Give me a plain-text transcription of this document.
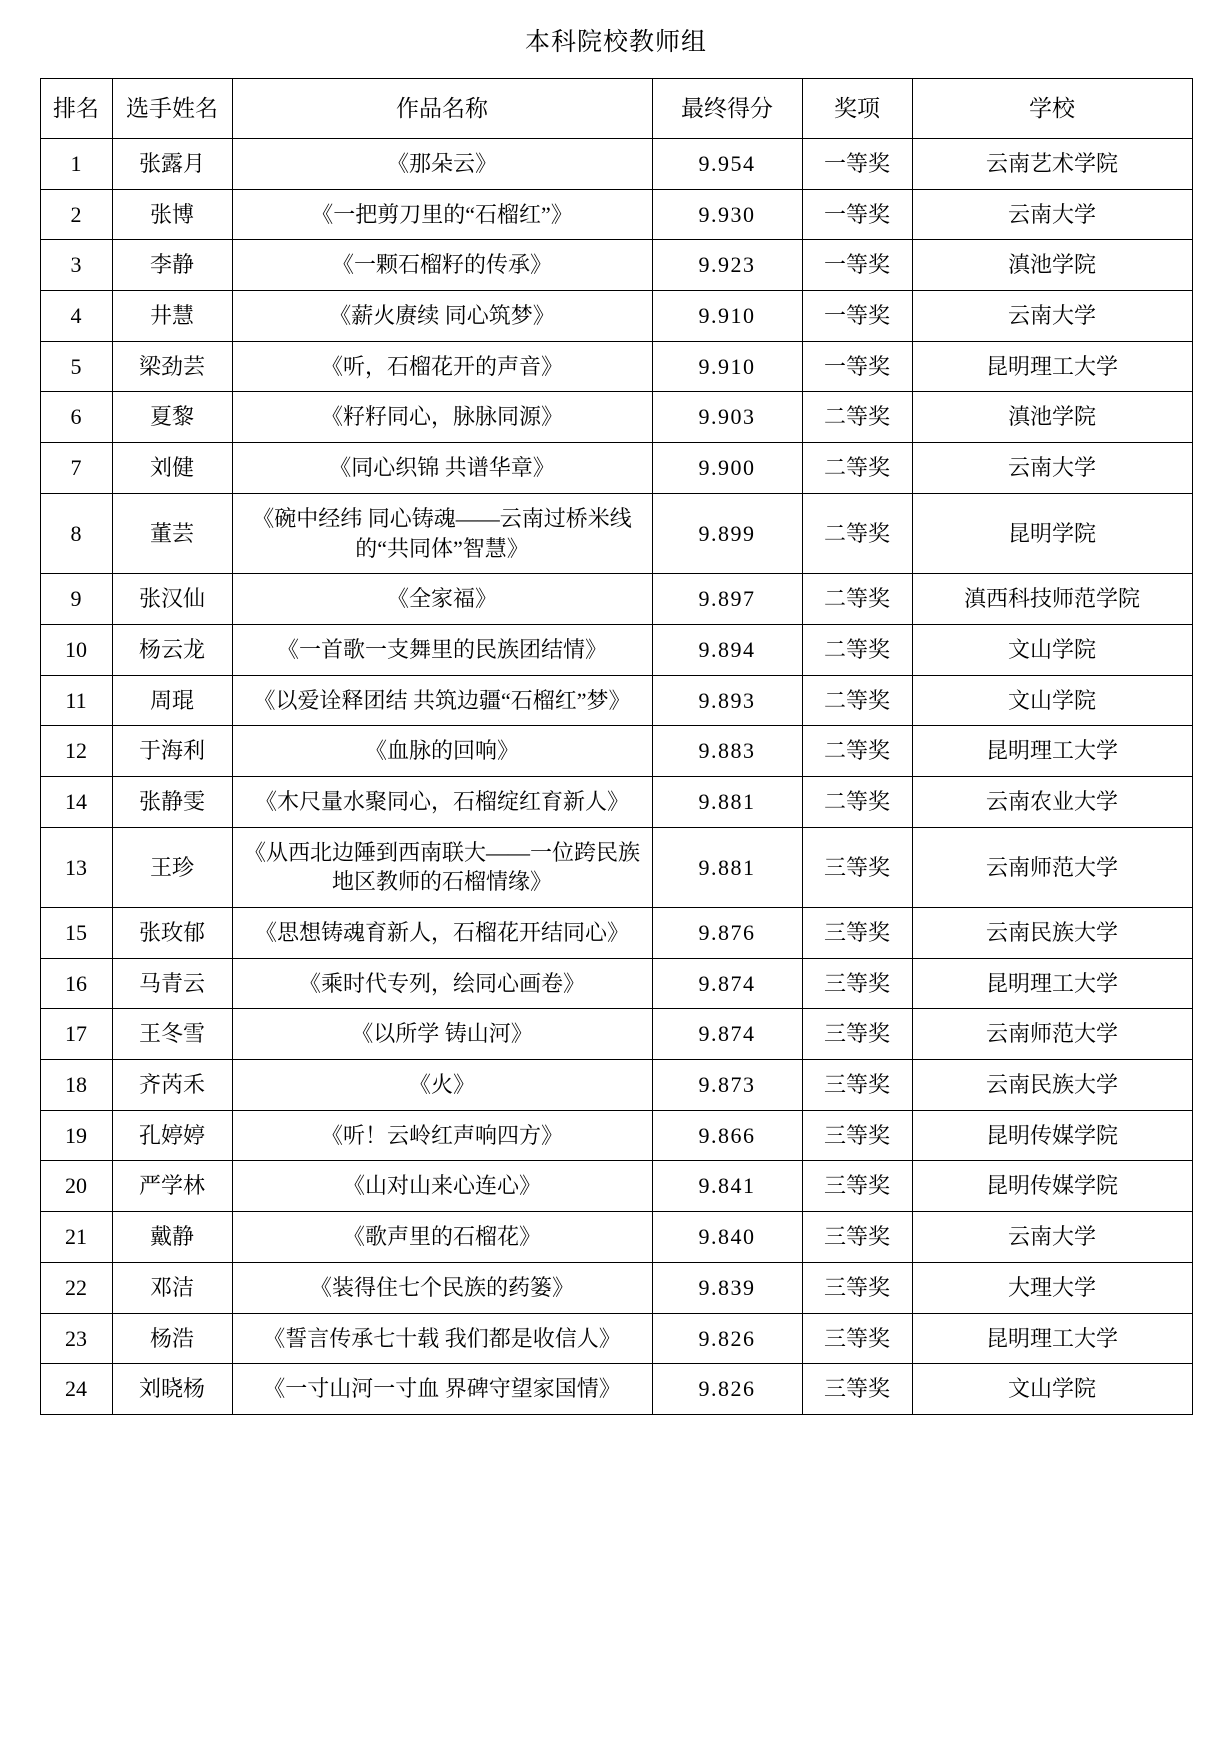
本科院校教师组
排名	选手姓名	作品名称	最终得分	奖项	学校
1	张露月	《那朵云》	9.954	一等奖	云南艺术学院
2	张博	《一把剪刀里的“石榴红”》	9.930	一等奖	云南大学
3	李静	《一颗石榴籽的传承》	9.923	一等奖	滇池学院
4	井慧	《薪火赓续 同心筑梦》	9.910	一等奖	云南大学
5	梁劲芸	《听，石榴花开的声音》	9.910	一等奖	昆明理工大学
6	夏黎	《籽籽同心，脉脉同源》	9.903	二等奖	滇池学院
7	刘健	《同心织锦 共谱华章》	9.900	二等奖	云南大学
8	董芸	《碗中经纬 同心铸魂——云南过桥米线的“共同体”智慧》	9.899	二等奖	昆明学院
9	张汉仙	《全家福》	9.897	二等奖	滇西科技师范学院
10	杨云龙	《一首歌一支舞里的民族团结情》	9.894	二等奖	文山学院
11	周琨	《以爱诠释团结 共筑边疆“石榴红”梦》	9.893	二等奖	文山学院
12	于海利	《血脉的回响》	9.883	二等奖	昆明理工大学
14	张静雯	《木尺量水聚同心，石榴绽红育新人》	9.881	二等奖	云南农业大学
13	王珍	《从西北边陲到西南联大——一位跨民族地区教师的石榴情缘》	9.881	三等奖	云南师范大学
15	张玫郁	《思想铸魂育新人，石榴花开结同心》	9.876	三等奖	云南民族大学
16	马青云	《乘时代专列，绘同心画卷》	9.874	三等奖	昆明理工大学
17	王冬雪	《以所学 铸山河》	9.874	三等奖	云南师范大学
18	齐芮禾	《火》	9.873	三等奖	云南民族大学
19	孔婷婷	《听！云岭红声响四方》	9.866	三等奖	昆明传媒学院
20	严学林	《山对山来心连心》	9.841	三等奖	昆明传媒学院
21	戴静	《歌声里的石榴花》	9.840	三等奖	云南大学
22	邓洁	《装得住七个民族的药篓》	9.839	三等奖	大理大学
23	杨浩	《誓言传承七十载 我们都是收信人》	9.826	三等奖	昆明理工大学
24	刘晓杨	《一寸山河一寸血 界碑守望家国情》	9.826	三等奖	文山学院
